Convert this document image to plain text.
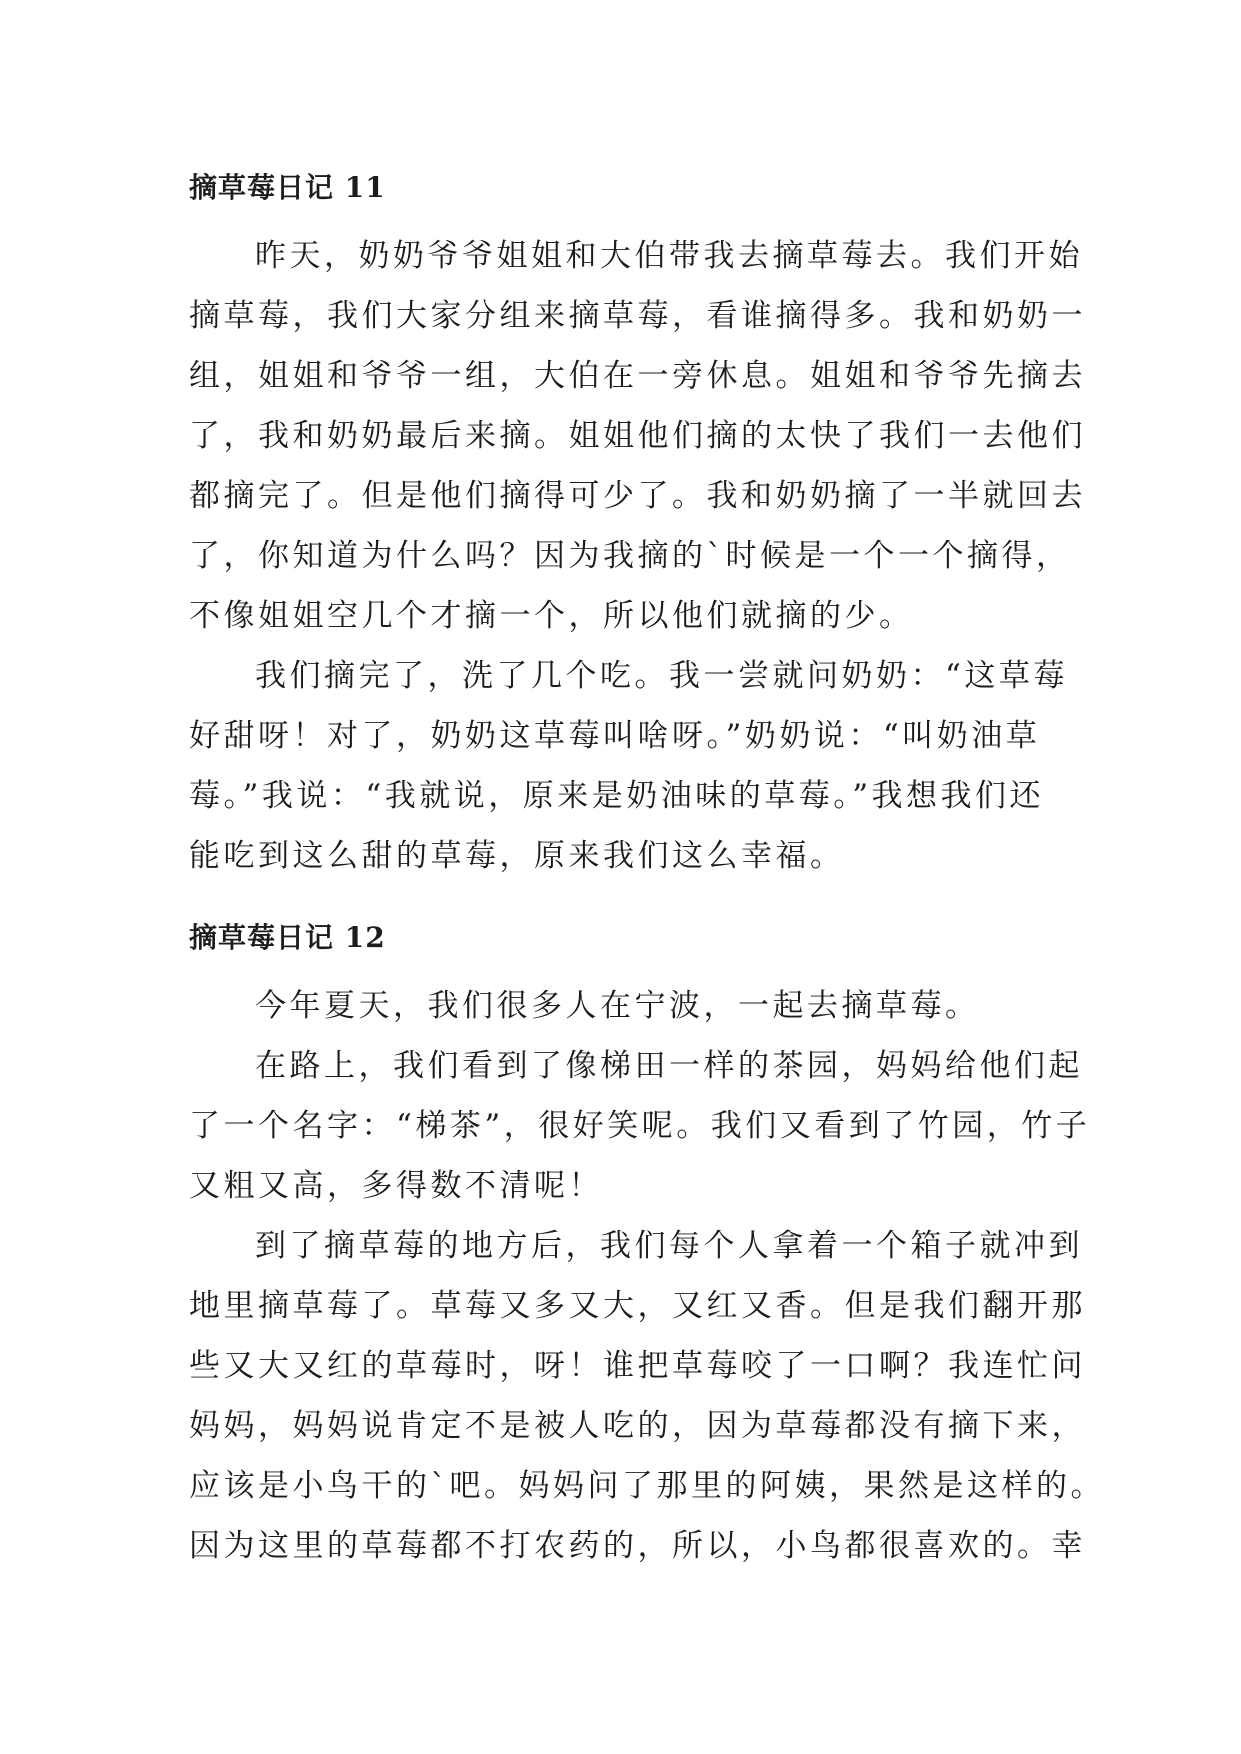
摘草莓日记 11

昨天，奶奶爷爷姐姐和大伯带我去摘草莓去。我们开始
摘草莓，我们大家分组来摘草莓，看谁摘得多。我和奶奶一
组，姐姐和爷爷一组，大伯在一旁休息。姐姐和爷爷先摘去
了，我和奶奶最后来摘。姐姐他们摘的太快了我们一去他们
都摘完了。但是他们摘得可少了。我和奶奶摘了一半就回去
了，你知道为什么吗？因为我摘的`时候是一个一个摘得，
不像姐姐空几个才摘一个，所以他们就摘的少。

我们摘完了，洗了几个吃。我一尝就问奶奶：“这草莓
好甜呀！对了，奶奶这草莓叫啥呀。”奶奶说：“叫奶油草
莓。”我说：“我就说，原来是奶油味的草莓。”我想我们还
能吃到这么甜的草莓，原来我们这么幸福。

摘草莓日记 12

今年夏天，我们很多人在宁波，一起去摘草莓。

在路上，我们看到了像梯田一样的茶园，妈妈给他们起
了一个名字：“梯茶”，很好笑呢。我们又看到了竹园，竹子
又粗又高，多得数不清呢！

到了摘草莓的地方后，我们每个人拿着一个箱子就冲到
地里摘草莓了。草莓又多又大，又红又香。但是我们翻开那
些又大又红的草莓时，呀！谁把草莓咬了一口啊？我连忙问
妈妈，妈妈说肯定不是被人吃的，因为草莓都没有摘下来，
应该是小鸟干的`吧。妈妈问了那里的阿姨，果然是这样的。
因为这里的草莓都不打农药的，所以，小鸟都很喜欢的。幸
